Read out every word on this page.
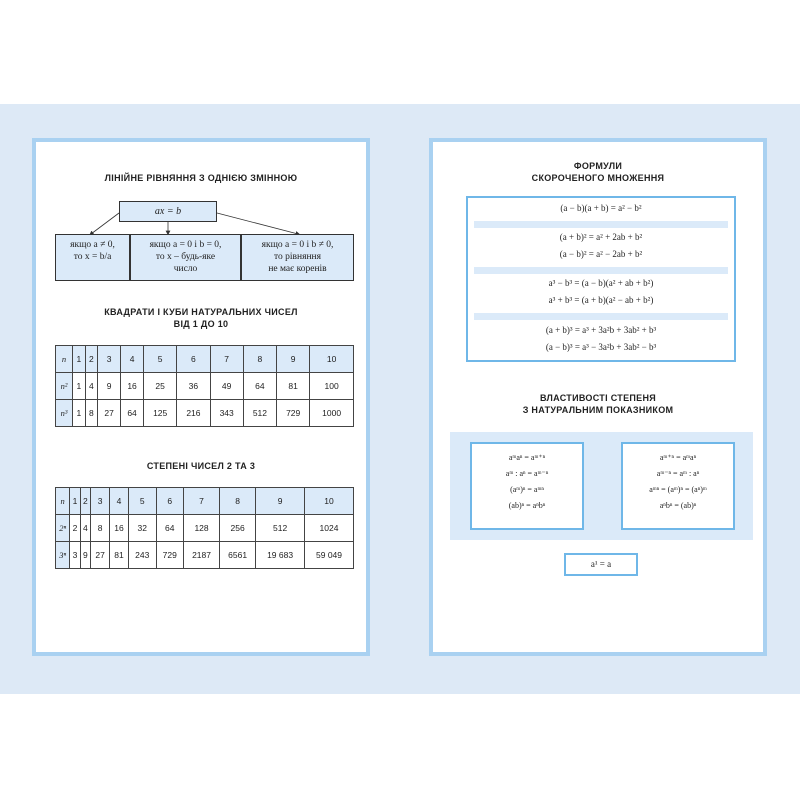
ЛІНІЙНЕ РІВНЯННЯ З ОДНІЄЮ ЗМІННОЮ
ax = b
якщо a ≠ 0,
то x = b/a
якщо a = 0 і b = 0,
то x – будь-яке
число
якщо a = 0 і b ≠ 0,
то рівняння
не має коренів
КВАДРАТИ І КУБИ НАТУРАЛЬНИХ ЧИСЕЛ
ВІД 1 ДО 10
n	1	2	3	4	5	6	7	8	9	10
n²	1	4	9	16	25	36	49	64	81	100
n³	1	8	27	64	125	216	343	512	729	1000
СТЕПЕНІ ЧИСЕЛ 2 ТА 3
n	1	2	3	4	5	6	7	8	9	10
2ⁿ	2	4	8	16	32	64	128	256	512	1024
3ⁿ	3	9	27	81	243	729	2187	6561	19 683	59 049
ФОРМУЛИ
СКОРОЧЕНОГО МНОЖЕННЯ
(a − b)(a + b) = a² − b²
(a + b)² = a² + 2ab + b²
(a − b)² = a² − 2ab + b²
a³ − b³ = (a − b)(a² + ab + b²)
a³ + b³ = (a + b)(a² − ab + b²)
(a + b)³ = a³ + 3a²b + 3ab² + b³
(a − b)³ = a³ − 3a²b + 3ab² − b³
ВЛАСТИВОСТІ СТЕПЕНЯ
З НАТУРАЛЬНИМ ПОКАЗНИКОМ
aᵐaⁿ = aᵐ⁺ⁿ
aᵐ : aⁿ = aᵐ⁻ⁿ
(aᵐ)ⁿ = aᵐⁿ
(ab)ⁿ = aⁿbⁿ
aᵐ⁺ⁿ = aᵐaⁿ
aᵐ⁻ⁿ = aᵐ : aⁿ
aᵐⁿ = (aᵐ)ⁿ = (aⁿ)ᵐ
aⁿbⁿ = (ab)ⁿ
a¹ = a
